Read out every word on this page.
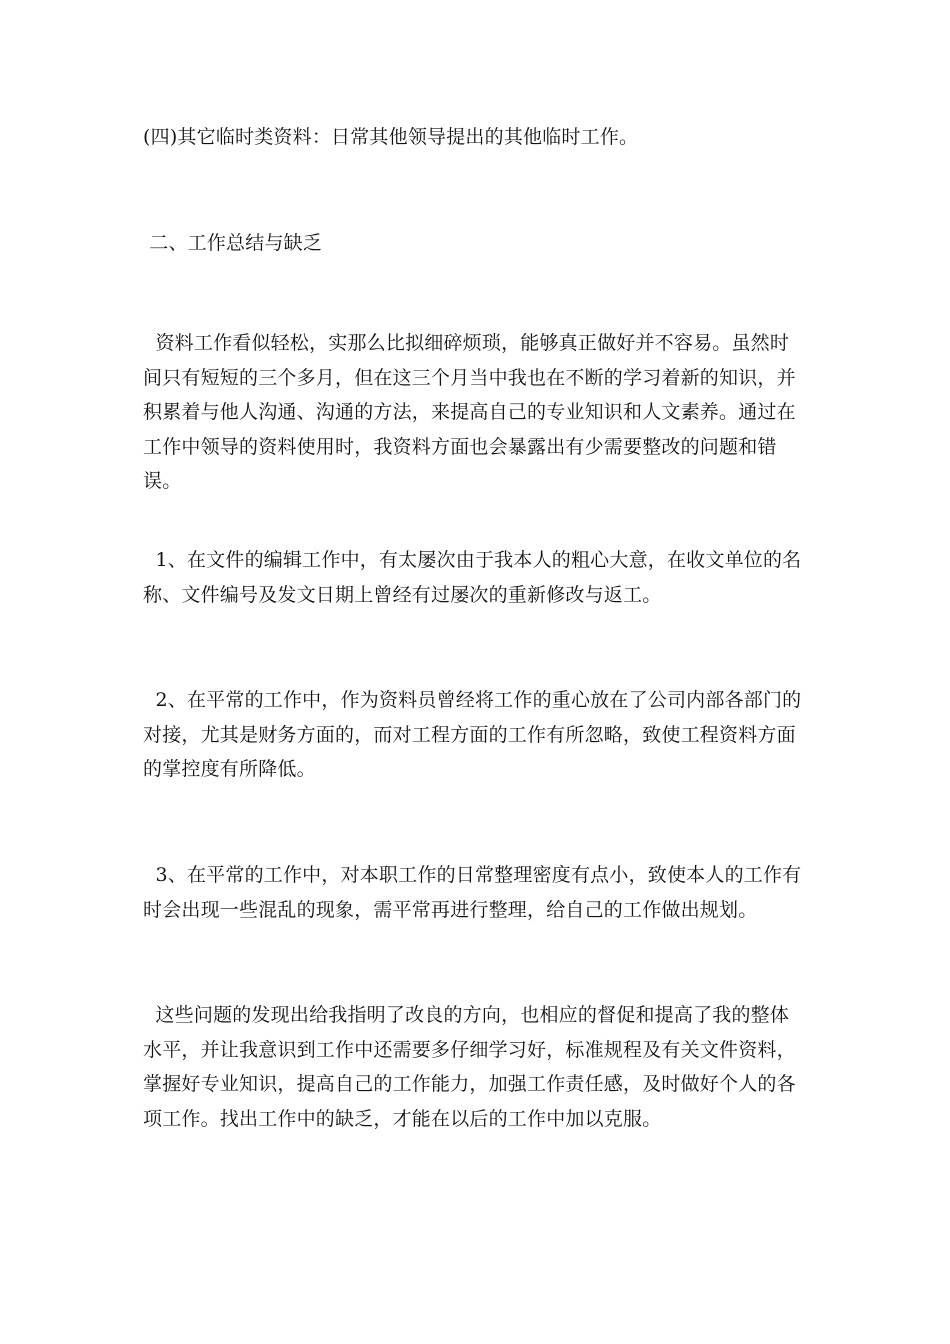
(四)其它临时类资料：日常其他领导提出的其他临时工作。

二、工作总结与缺乏

资料工作看似轻松，实那么比拟细碎烦琐，能够真正做好并不容易。虽然时间只有短短的三个多月，但在这三个月当中我也在不断的学习着新的知识，并积累着与他人沟通、沟通的方法，来提高自己的专业知识和人文素养。通过在工作中领导的资料使用时，我资料方面也会暴露出有少需要整改的问题和错误。

1、在文件的编辑工作中，有太屡次由于我本人的粗心大意，在收文单位的名称、文件编号及发文日期上曾经有过屡次的重新修改与返工。

2、在平常的工作中，作为资料员曾经将工作的重心放在了公司内部各部门的对接，尤其是财务方面的，而对工程方面的工作有所忽略，致使工程资料方面的掌控度有所降低。

3、在平常的工作中，对本职工作的日常整理密度有点小，致使本人的工作有时会出现一些混乱的现象，需平常再进行整理，给自己的工作做出规划。

这些问题的发现出给我指明了改良的方向，也相应的督促和提高了我的整体水平，并让我意识到工作中还需要多仔细学习好，标准规程及有关文件资料，掌握好专业知识，提高自己的工作能力，加强工作责任感，及时做好个人的各项工作。找出工作中的缺乏，才能在以后的工作中加以克服。
